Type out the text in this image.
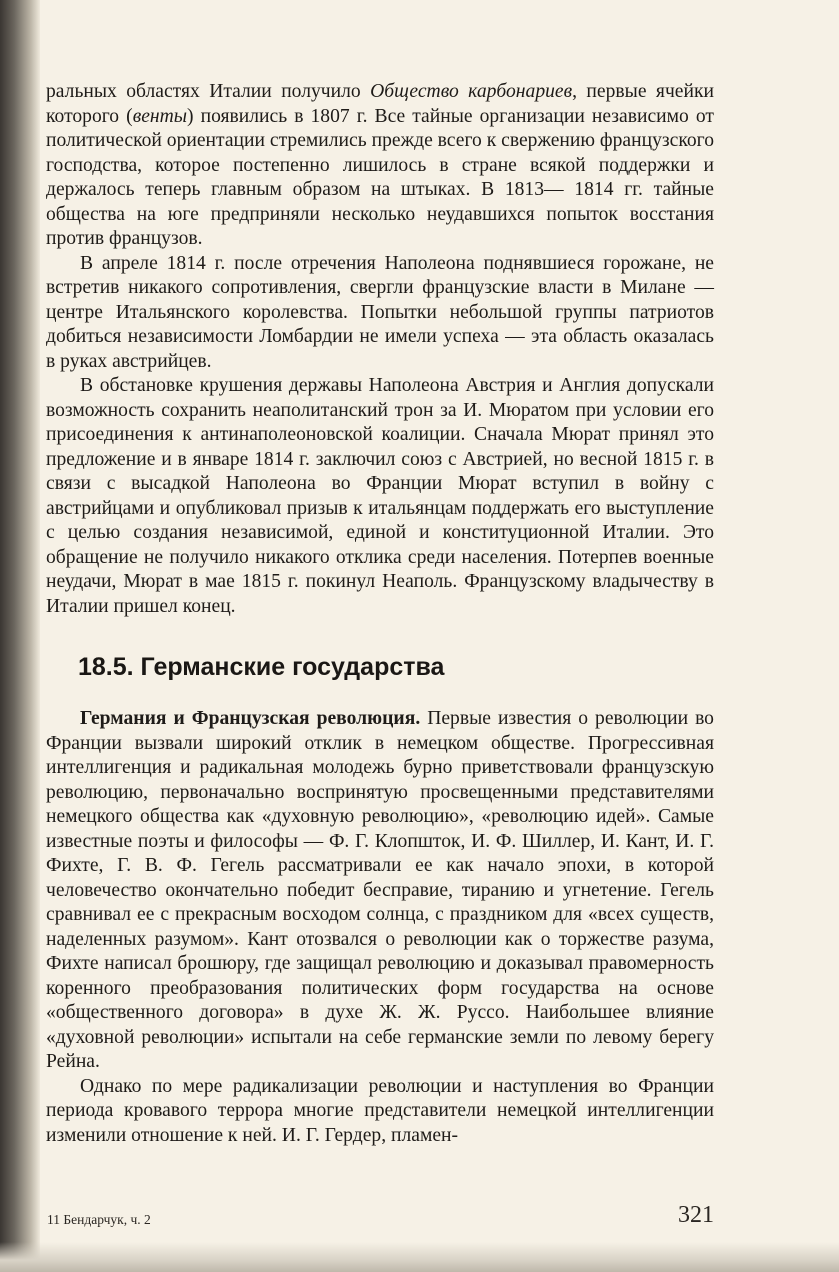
ральных областях Италии получило Общество карбонариев, первые ячейки которого (венты) появились в 1807 г. Все тайные организации независимо от политической ориентации стремились прежде всего к свержению французского господства, которое постепенно лишилось в стране всякой поддержки и держалось теперь главным образом на штыках. В 1813— 1814 гг. тайные общества на юге предприняли несколько неудавшихся попыток восстания против французов.

В апреле 1814 г. после отречения Наполеона поднявшиеся горожане, не встретив никакого сопротивления, свергли французские власти в Милане — центре Итальянского королевства. Попытки небольшой группы патриотов добиться независимости Ломбардии не имели успеха — эта область оказалась в руках австрийцев.

В обстановке крушения державы Наполеона Австрия и Англия допускали возможность сохранить неаполитанский трон за И. Мюратом при условии его присоединения к антинаполеоновской коалиции. Сначала Мюрат принял это предложение и в январе 1814 г. заключил союз с Австрией, но весной 1815 г. в связи с высадкой Наполеона во Франции Мюрат вступил в войну с австрийцами и опубликовал призыв к итальянцам поддержать его выступление с целью создания независимой, единой и конституционной Италии. Это обращение не получило никакого отклика среди населения. Потерпев военные неудачи, Мюрат в мае 1815 г. покинул Неаполь. Французскому владычеству в Италии пришел конец.

18.5. Германские государства

Германия и Французская революция. Первые известия о революции во Франции вызвали широкий отклик в немецком обществе. Прогрессивная интеллигенция и радикальная молодежь бурно приветствовали французскую революцию, первоначально воспринятую просвещенными представителями немецкого общества как «духовную революцию», «революцию идей». Самые известные поэты и философы — Ф. Г. Клопшток, И. Ф. Шиллер, И. Кант, И. Г. Фихте, Г. В. Ф. Гегель рассматривали ее как начало эпохи, в которой человечество окончательно победит бесправие, тиранию и угнетение. Гегель сравнивал ее с прекрасным восходом солнца, с праздником для «всех существ, наделенных разумом». Кант отозвался о революции как о торжестве разума, Фихте написал брошюру, где защищал революцию и доказывал правомерность коренного преобразования политических форм государства на основе «общественного договора» в духе Ж. Ж. Руссо. Наибольшее влияние «духовной революции» испытали на себе германские земли по левому берегу Рейна.

Однако по мере радикализации революции и наступления во Франции периода кровавого террора многие представители немецкой интеллигенции изменили отношение к ней. И. Г. Гердер, пламен-

11 Бендарчук, ч. 2	321
